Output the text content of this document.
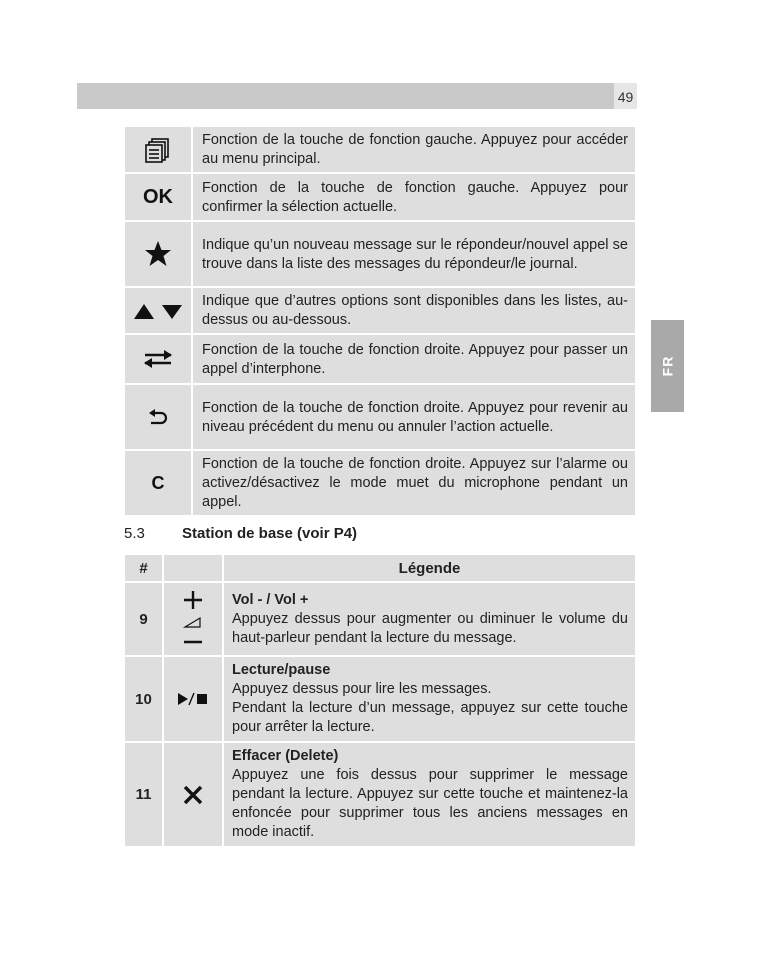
49
FR
	Fonction de la touche de fonction gauche. Appuyez pour accéder au menu principal.
OK	Fonction de la touche de fonction gauche. Appuyez pour confirmer la sélection actuelle.
	Indique qu’un nouveau message sur le répondeur/nouvel appel se trouve dans la liste des messages du répondeur/le journal.
	Indique que d’autres options sont disponibles dans les listes, au-dessus ou au-dessous.
	Fonction de la touche de fonction droite. Appuyez pour passer un appel d’interphone.
	Fonction de la touche de fonction droite. Appuyez pour revenir au niveau précédent du menu ou annuler l’action actuelle.
C	Fonction de la touche de fonction droite. Appuyez sur l’alarme ou activez/désactivez le mode muet du microphone pendant un appel.
5.3 Station de base (voir P4)
#		Légende
9		Vol - / Vol +
Appuyez dessus pour augmenter ou diminuer le volume du haut-parleur pendant la lecture du message.
10		Lecture/pause
Appuyez dessus pour lire les messages.
Pendant la lecture d’un message, appuyez sur cette touche pour arrêter la lecture.
11		Effacer (Delete)
Appuyez une fois dessus pour supprimer le message pendant la lecture. Appuyez sur cette touche et maintenez-la enfoncée pour supprimer tous les anciens messages en mode inactif.
